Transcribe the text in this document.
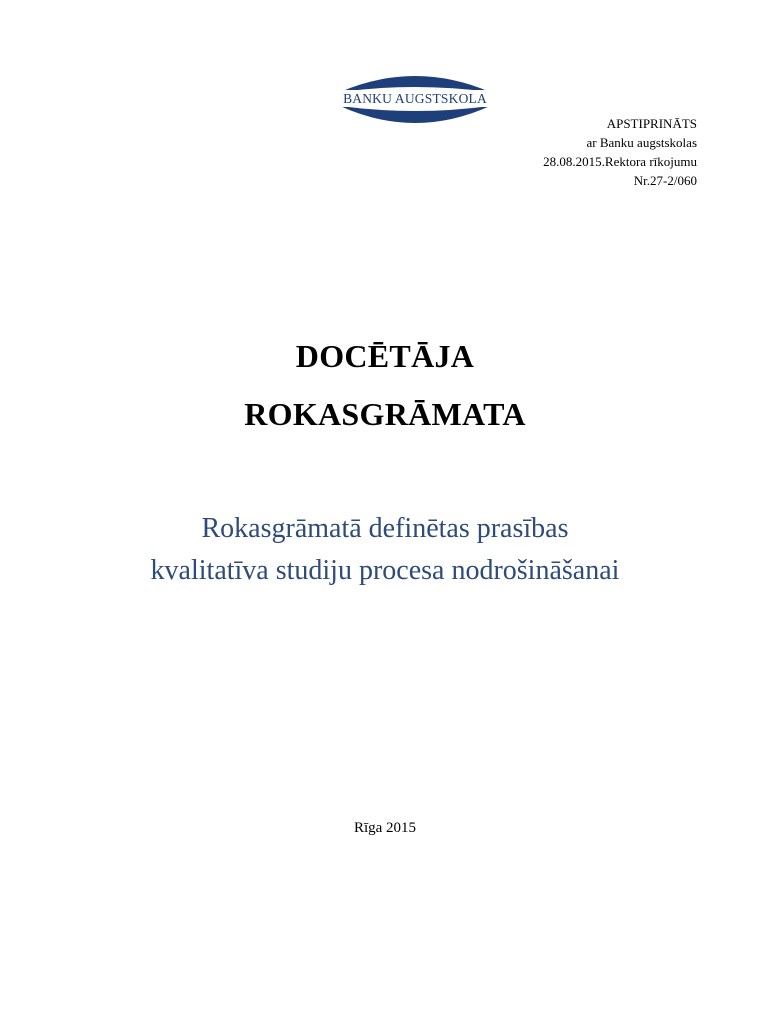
BANKU AUGSTSKOLA
APSTIPRINĀTS
ar Banku augstskolas
28.08.2015.Rektora rīkojumu
Nr.27-2/060
DOCĒTĀJA
ROKASGRĀMATA
Rokasgrāmatā definētas prasības
kvalitatīva studiju procesa nodrošināšanai
Rīga 2015
